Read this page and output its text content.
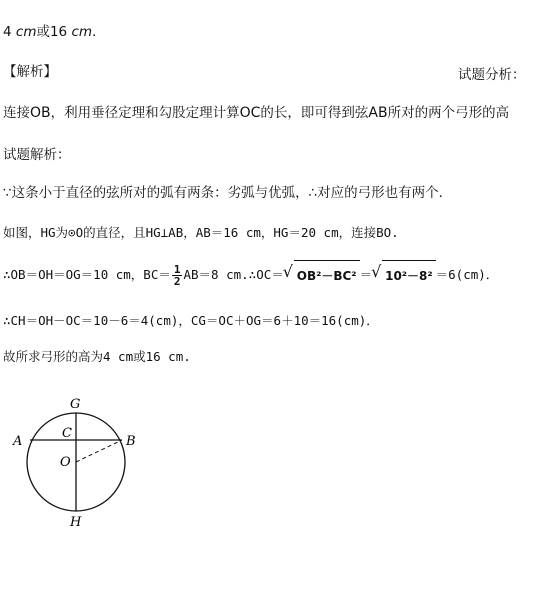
4 cm或16 cm.
【解析】	试题分析：
连接OB，利用垂径定理和勾股定理计算OC的长，即可得到弦AB所对的两个弓形的高
试题解析：
∵这条小于直径的弦所对的弧有两条：劣弧与优弧，∴对应的弓形也有两个．
如图，HG为⊙O的直径，且HG⊥AB，AB＝16 cm，HG＝20 cm，连接BO.
∴OB＝OH＝OG＝10 cm，$BC= \frac{1}{2} AB=8$ cm.∴OC＝ √ OB²－BC² ＝ √ 10²－8² ＝6(cm)．
∴CH＝OH－OC＝10－6＝4(cm)，CG＝OC＋OG＝6＋10＝16(cm)．
故所求弓形的高为4 cm或16 cm.
G
A
C
B
O
H
